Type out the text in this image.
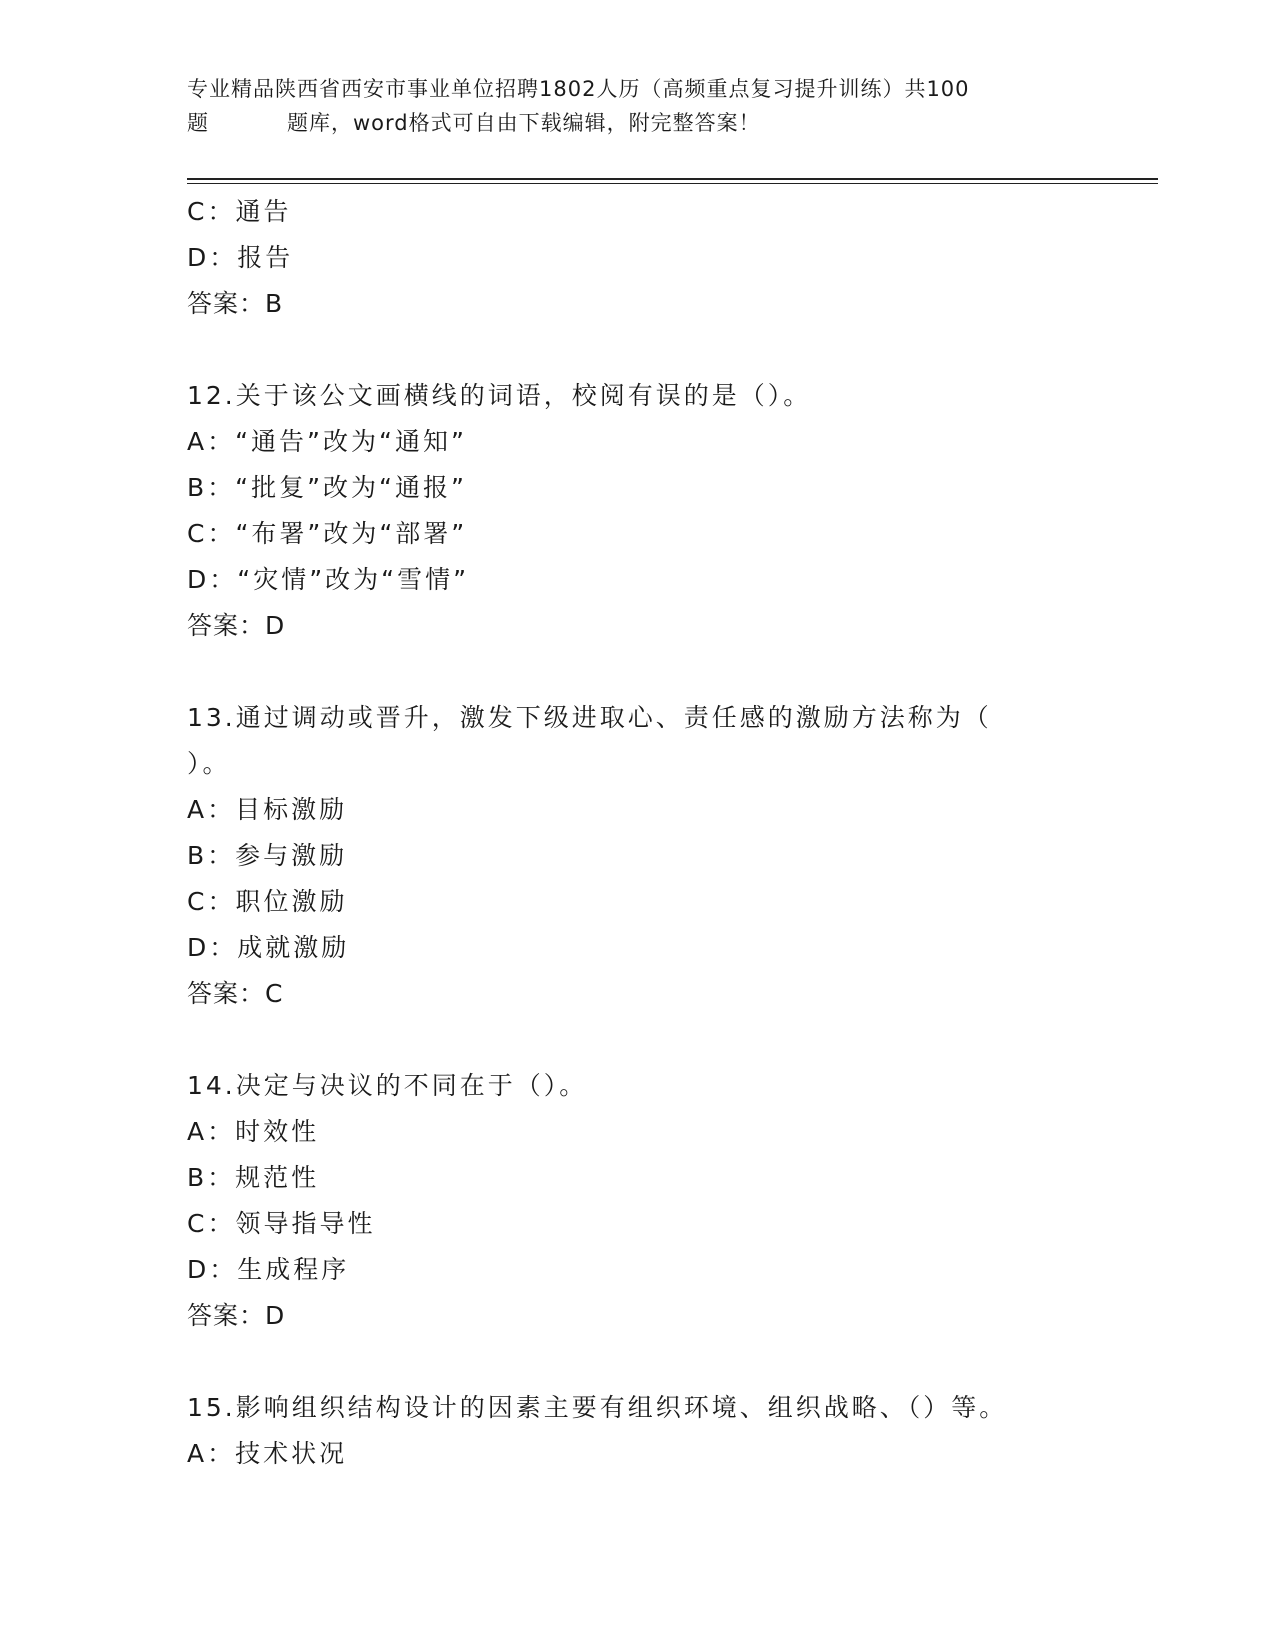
专业精品陕西省西安市事业单位招聘1802人历（高频重点复习提升训练）共100
题	题库，word格式可自由下载编辑，附完整答案！
C：通告
D：报告
答案：B
12.关于该公文画横线的词语，校阅有误的是（）。
A：“通告”改为“通知”
B：“批复”改为“通报”
C：“布署”改为“部署”
D：“灾情”改为“雪情”
答案：D
13.通过调动或晋升，激发下级进取心、责任感的激励方法称为（
）。
A：目标激励
B：参与激励
C：职位激励
D：成就激励
答案：C
14.决定与决议的不同在于（）。
A：时效性
B：规范性
C：领导指导性
D：生成程序
答案：D
15.影响组织结构设计的因素主要有组织环境、组织战略、（）等。
A：技术状况
